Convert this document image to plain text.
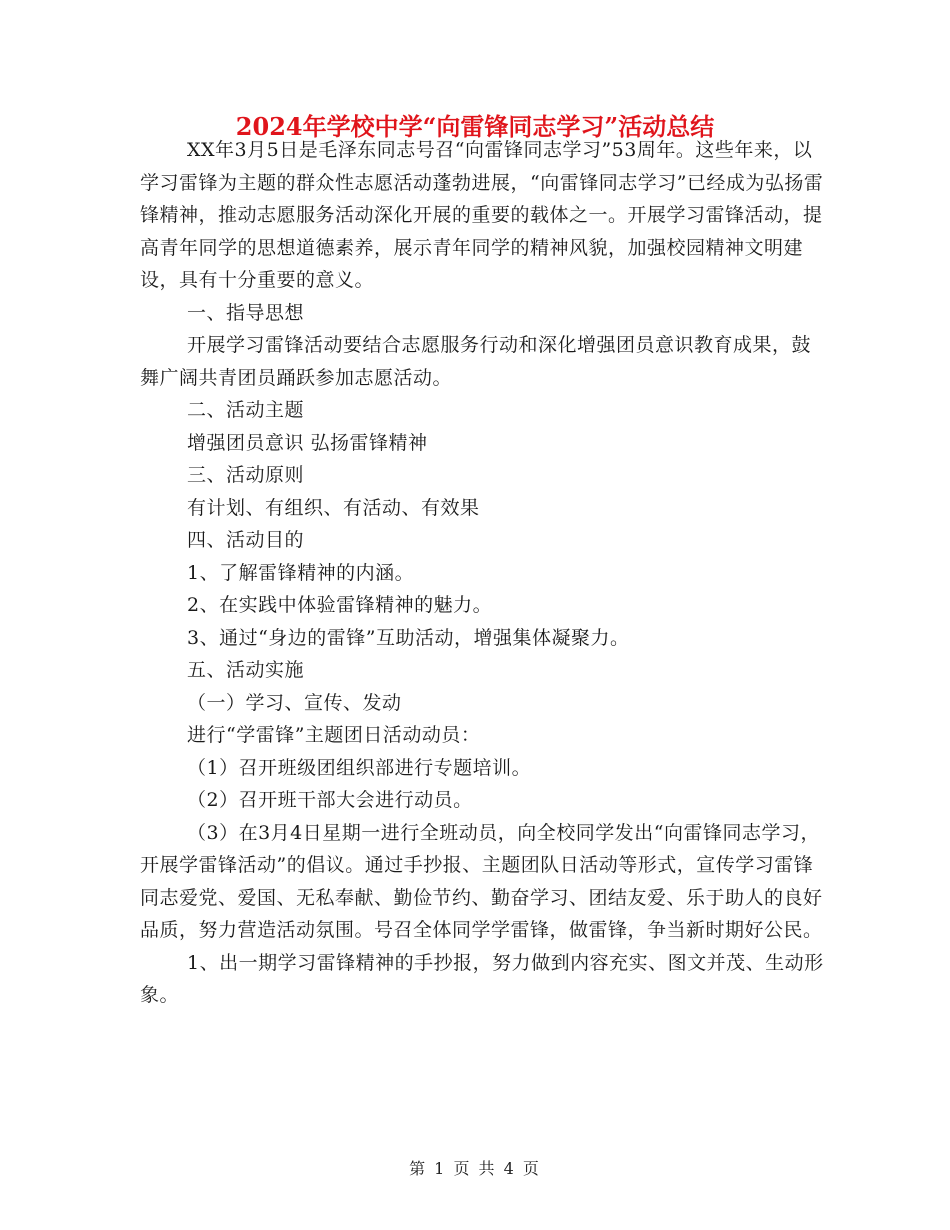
2024年学校中学“向雷锋同志学习”活动总结

XX年3月5日是毛泽东同志号召“向雷锋同志学习”53周年。这些年来，以学习雷锋为主题的群众性志愿活动蓬勃进展，“向雷锋同志学习”已经成为弘扬雷锋精神，推动志愿服务活动深化开展的重要的载体之一。开展学习雷锋活动，提高青年同学的思想道德素养，展示青年同学的精神风貌，加强校园精神文明建设，具有十分重要的意义。

一、指导思想

开展学习雷锋活动要结合志愿服务行动和深化增强团员意识教育成果，鼓舞广阔共青团员踊跃参加志愿活动。

二、活动主题

增强团员意识 弘扬雷锋精神

三、活动原则

有计划、有组织、有活动、有效果

四、活动目的

1、了解雷锋精神的内涵。

2、在实践中体验雷锋精神的魅力。

3、通过“身边的雷锋”互助活动，增强集体凝聚力。

五、活动实施

（一）学习、宣传、发动

进行“学雷锋”主题团日活动动员：

（1）召开班级团组织部进行专题培训。

（2）召开班干部大会进行动员。

（3）在3月4日星期一进行全班动员，向全校同学发出“向雷锋同志学习，开展学雷锋活动”的倡议。通过手抄报、主题团队日活动等形式，宣传学习雷锋同志爱党、爱国、无私奉献、勤俭节约、勤奋学习、团结友爱、乐于助人的良好品质，努力营造活动氛围。号召全体同学学雷锋，做雷锋，争当新时期好公民。

1、出一期学习雷锋精神的手抄报，努力做到内容充实、图文并茂、生动形象。

第 1 页 共 4 页
